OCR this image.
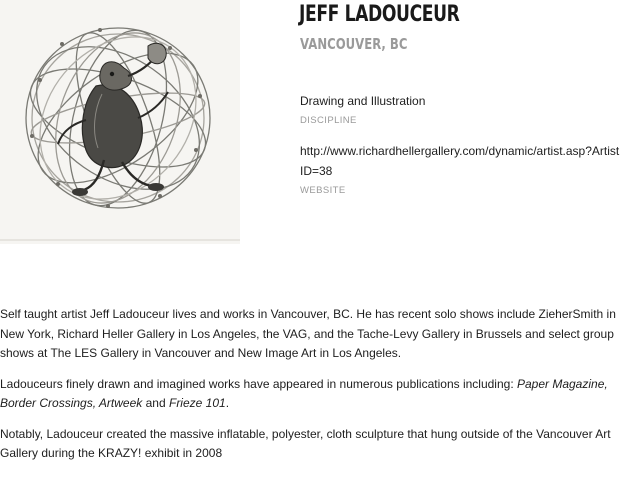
JEFF LADOUCEUR
VANCOUVER, BC
Drawing and Illustration
DISCIPLINE
http://www.richardhellergallery.com/dynamic/artist.asp?ArtistID=38
WEBSITE

Self taught artist Jeff Ladouceur lives and works in Vancouver, BC. He has recent solo shows include ZieherSmith in New York, Richard Heller Gallery in Los Angeles, the VAG, and the Tache-Levy Gallery in Brussels and select group shows at The LES Gallery in Vancouver and New Image Art in Los Angeles.

Ladouceurs finely drawn and imagined works have appeared in numerous publications including: Paper Magazine, Border Crossings, Artweek and Frieze 101.

Notably, Ladouceur created the massive inflatable, polyester, cloth sculpture that hung outside of the Vancouver Art Gallery during the KRAZY! exhibit in 2008
